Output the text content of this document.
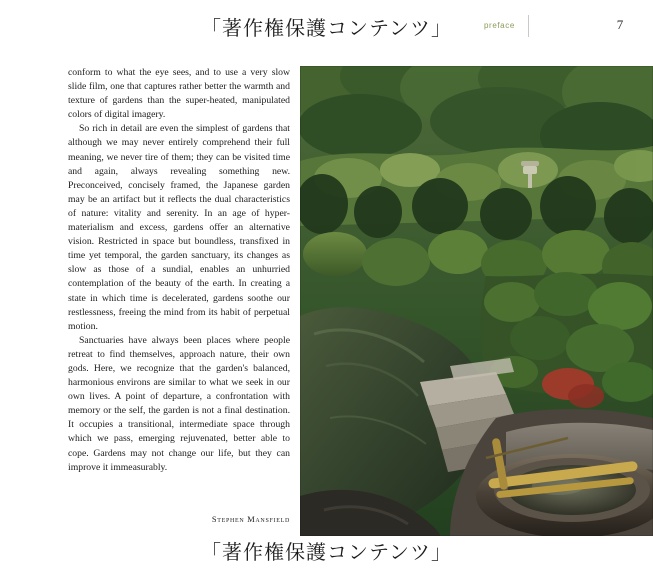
「著作権保護コンテンツ」	preface	7

conform to what the eye sees, and to use a very slow slide film, one that captures rather better the warmth and texture of gardens than the super-heated, manipulated colors of digital imagery.

So rich in detail are even the simplest of gardens that although we may never entirely comprehend their full meaning, we never tire of them; they can be visited time and again, always revealing something new. Preconceived, concisely framed, the Japanese garden may be an artifact but it reflects the dual characteristics of nature: vitality and serenity. In an age of hyper-materialism and excess, gardens offer an alternative vision. Restricted in space but boundless, transfixed in time yet temporal, the garden sanctuary, its changes as slow as those of a sundial, enables an unhurried contemplation of the beauty of the earth. In creating a state in which time is decelerated, gardens soothe our restlessness, freeing the mind from its habit of perpetual motion.

Sanctuaries have always been places where people retreat to find themselves, approach nature, their own gods. Here, we recognize that the garden's balanced, harmonious environs are similar to what we seek in our own lives. A point of departure, a confrontation with memory or the self, the garden is not a final destination. It occupies a transitional, intermediate space through which we pass, emerging rejuvenated, better able to cope. Gardens may not change our life, but they can improve it immeasurably.

Stephen Mansfield
「著作権保護コンテンツ」
